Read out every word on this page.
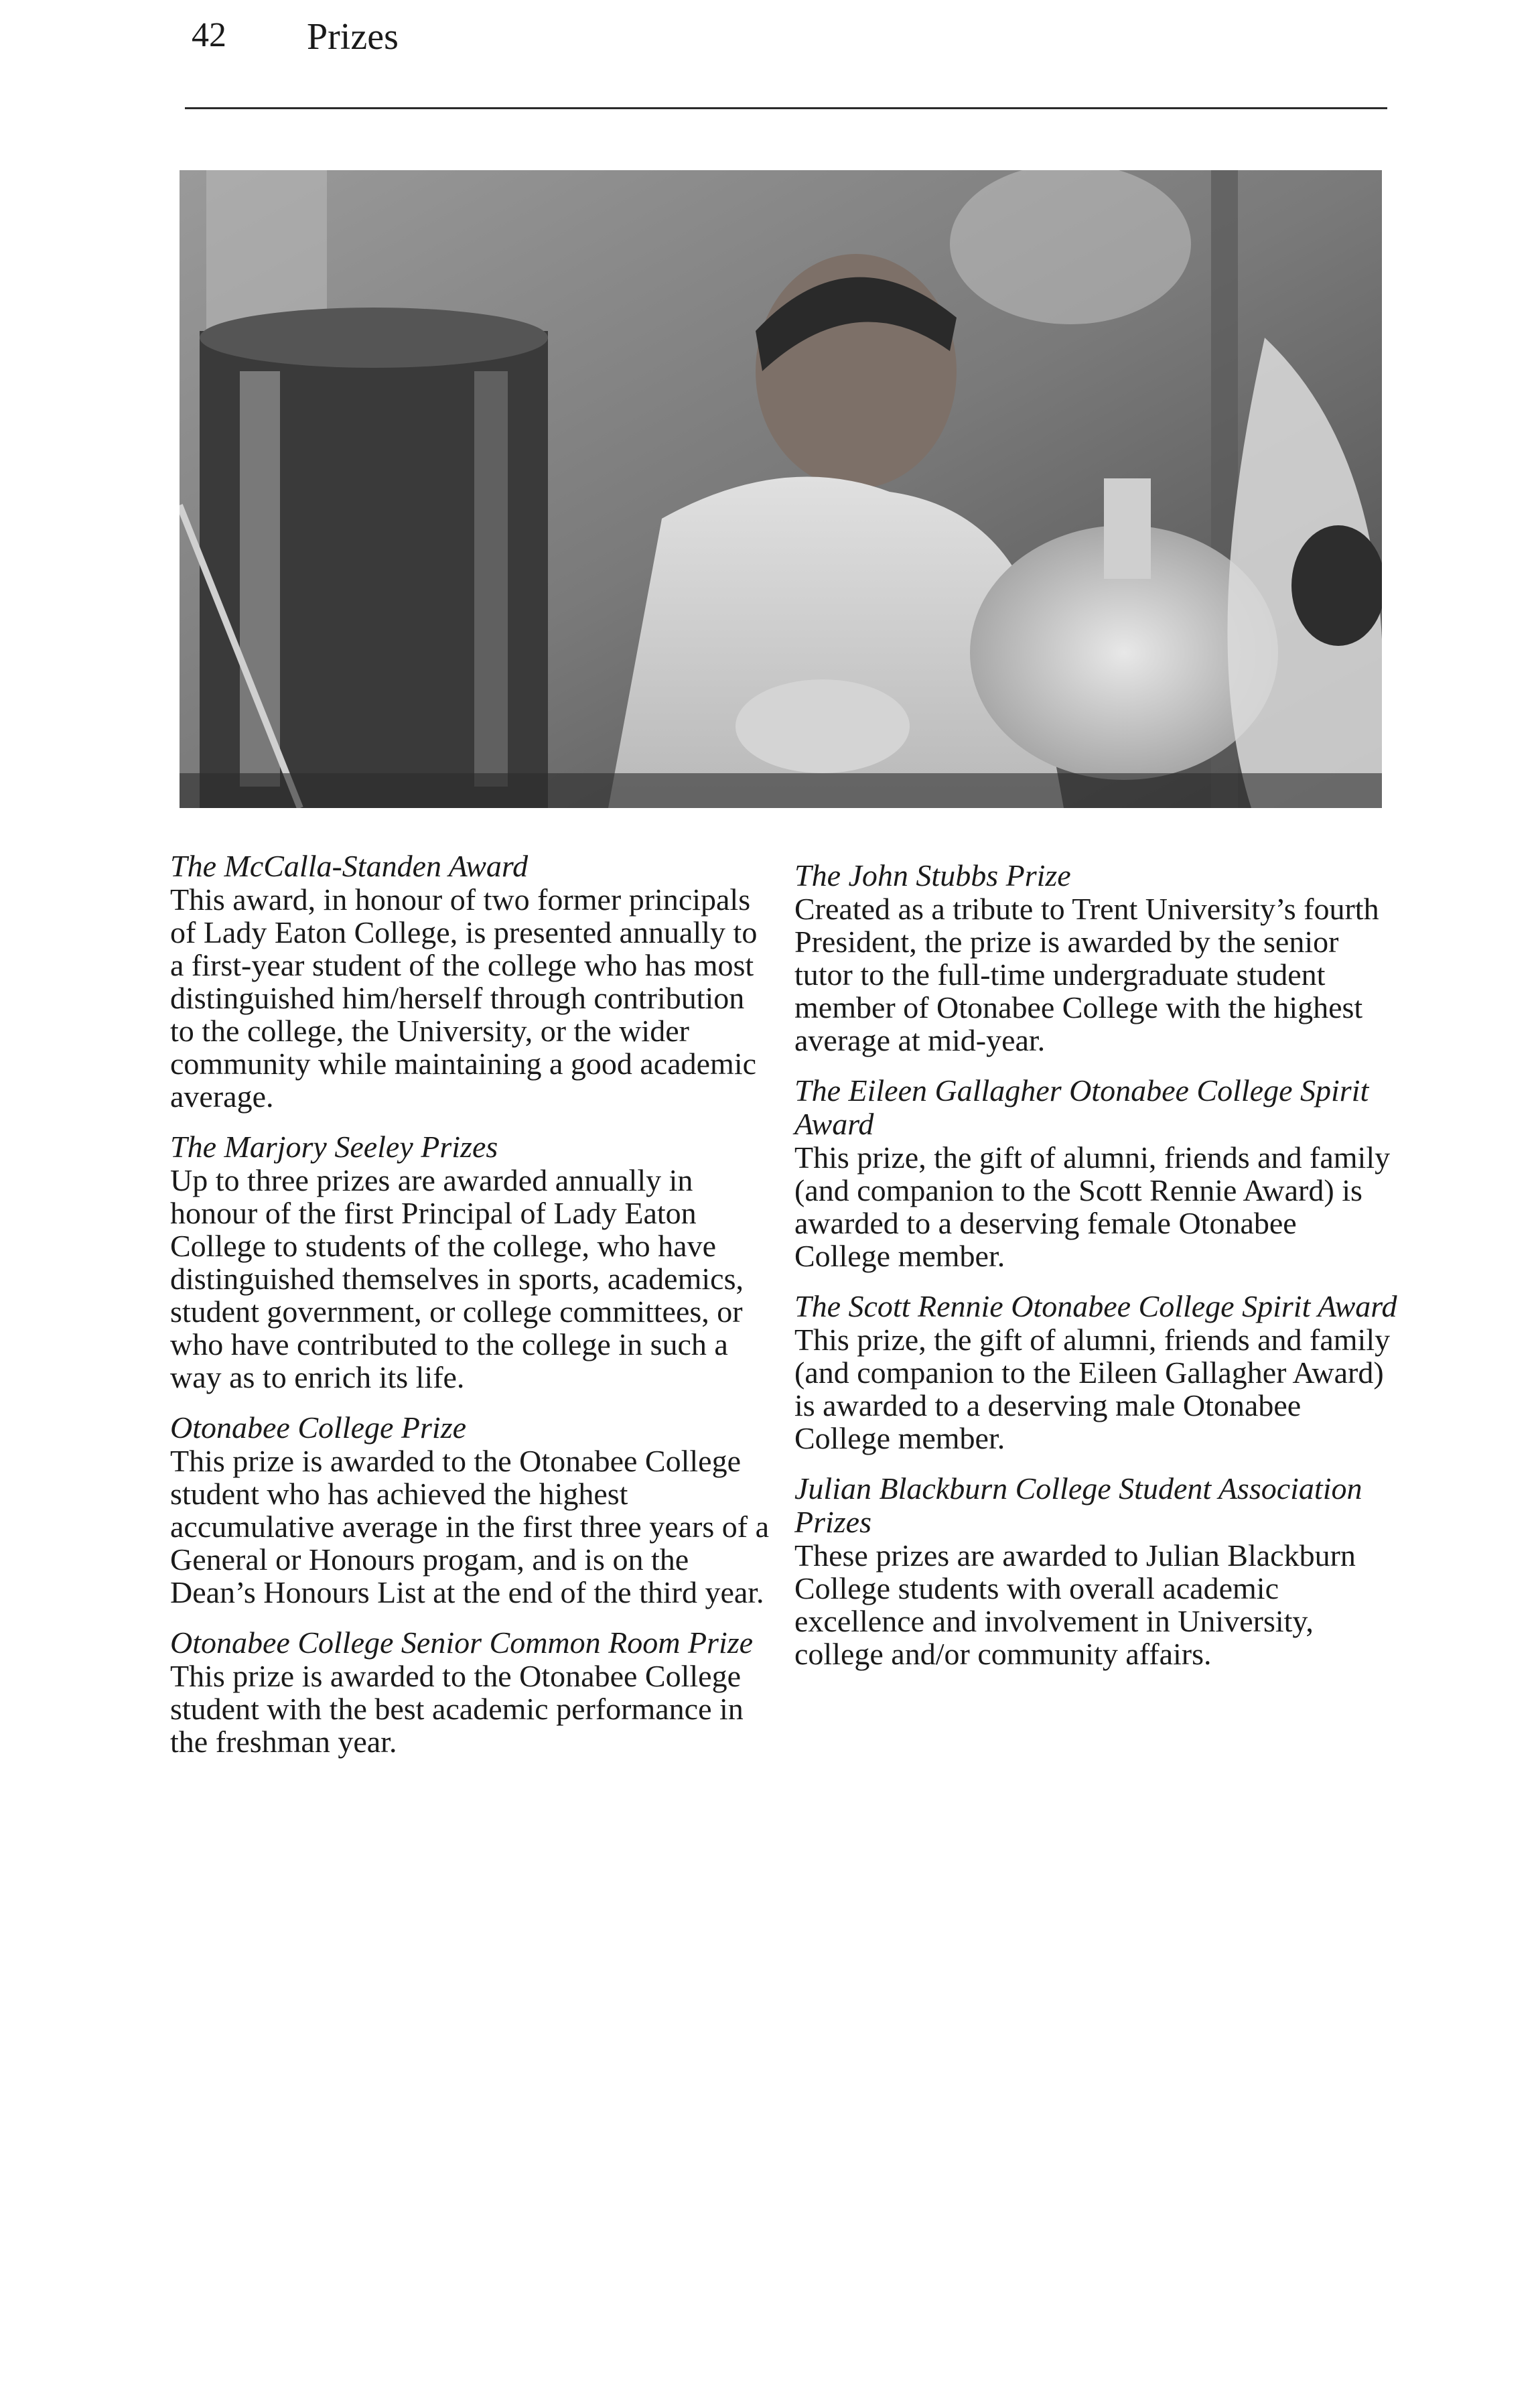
42 Prizes

The McCalla-Standen Award

This award, in honour of two former principals of Lady Eaton College, is presented annually to a first-year student of the college who has most distinguished him/herself through contribution to the college, the University, or the wider community while maintaining a good academic average.

The Marjory Seeley Prizes

Up to three prizes are awarded annually in honour of the first Principal of Lady Eaton College to students of the college, who have distinguished themselves in sports, academics, student government, or college committees, or who have contributed to the college in such a way as to enrich its life.

Otonabee College Prize

This prize is awarded to the Otonabee College student who has achieved the highest accumulative average in the first three years of a General or Honours progam, and is on the Dean’s Honours List at the end of the third year.

Otonabee College Senior Common Room Prize

This prize is awarded to the Otonabee College student with the best academic performance in the freshman year.

The John Stubbs Prize

Created as a tribute to Trent University’s fourth President, the prize is awarded by the senior tutor to the full-time undergraduate student member of Otonabee College with the highest average at mid-year.

The Eileen Gallagher Otonabee College Spirit Award

This prize, the gift of alumni, friends and family (and companion to the Scott Rennie Award) is awarded to a deserving female Otonabee College member.

The Scott Rennie Otonabee College Spirit Award

This prize, the gift of alumni, friends and family (and companion to the Eileen Gallagher Award) is awarded to a deserving male Otonabee College member.

Julian Blackburn College Student Association Prizes

These prizes are awarded to Julian Blackburn College students with overall academic excellence and involvement in University, college and/or community affairs.
